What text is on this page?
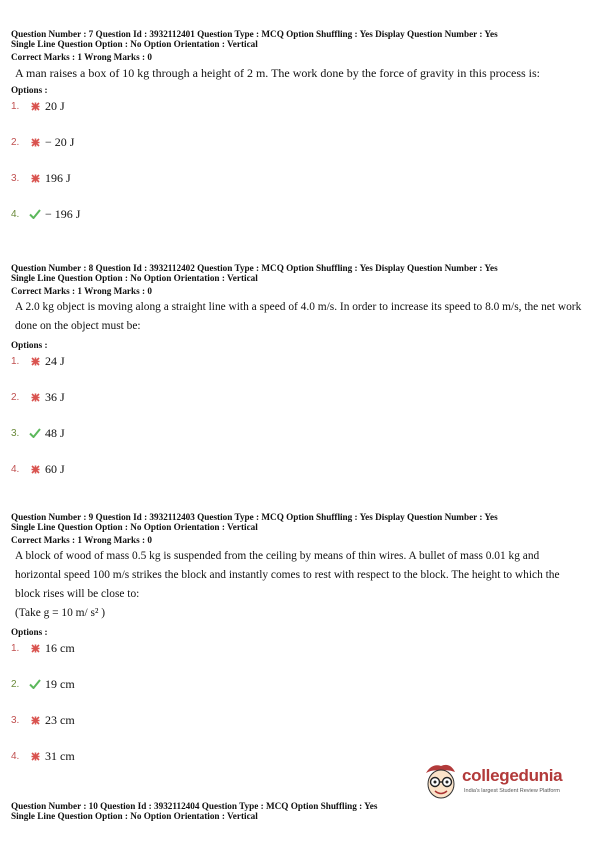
Question Number : 7 Question Id : 3932112401 Question Type : MCQ Option Shuffling : Yes Display Question Number : Yes

Single Line Question Option : No Option Orientation : Vertical

Correct Marks : 1 Wrong Marks : 0
A man raises a box of 10 kg through a height of 2 m. The work done by the force of gravity in this process is:
Options :
1.	20 J
2.	− 20 J
3.	196 J
4.	− 196 J

Question Number : 8 Question Id : 3932112402 Question Type : MCQ Option Shuffling : Yes Display Question Number : Yes

Single Line Question Option : No Option Orientation : Vertical

Correct Marks : 1 Wrong Marks : 0
A 2.0 kg object is moving along a straight line with a speed of 4.0 m/s. In order to increase its speed to 8.0 m/s, the net work done on the object must be:
Options :
1.	24 J
2.	36 J
3.	48 J
4.	60 J

Question Number : 9 Question Id : 3932112403 Question Type : MCQ Option Shuffling : Yes Display Question Number : Yes

Single Line Question Option : No Option Orientation : Vertical

Correct Marks : 1 Wrong Marks : 0
A block of wood of mass 0.5 kg is suspended from the ceiling by means of thin wires. A bullet of mass 0.01 kg and horizontal speed 100 m/s strikes the block and instantly comes to rest with respect to the block. The height to which the block rises will be close to:
(Take g = 10 m/ s² )
Options :
1.	16 cm
2.	19 cm
3.	23 cm
4.	31 cm
collegedunia
India's largest Student Review Platform

Question Number : 10 Question Id : 3932112404 Question Type : MCQ Option Shuffling : Yes

Single Line Question Option : No Option Orientation : Vertical
